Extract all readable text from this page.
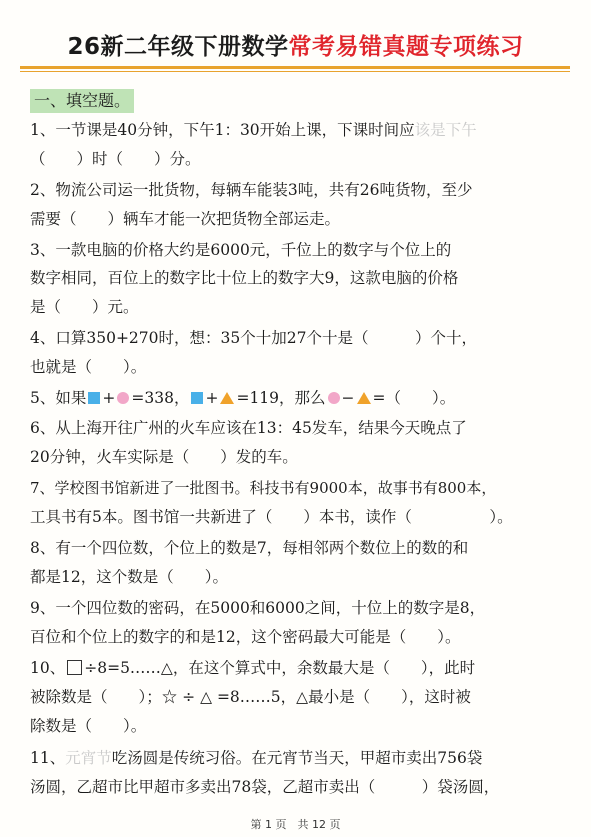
26新二年级下册数学常考易错真题专项练习
一、填空题。
1、一节课是40分钟，下午1：30开始上课，下课时间应该是下午
（　　）时（　　）分。
2、物流公司运一批货物，每辆车能装3吨，共有26吨货物，至少
需要（　　）辆车才能一次把货物全部运走。
3、一款电脑的价格大约是6000元，千位上的数字与个位上的
数字相同，百位上的数字比十位上的数字大9，这款电脑的价格
是（　　）元。
4、口算350+270时，想：35个十加27个十是（　　　）个十，
也就是（　　）。
5、如果 + =338， + =119，那么 − =（　　）。
6、从上海开往广州的火车应该在13：45发车，结果今天晚点了
20分钟，火车实际是（　　）发的车。
7、学校图书馆新进了一批图书。科技书有9000本，故事书有800本，
工具书有5本。图书馆一共新进了（　　）本书，读作（　　　　　）。
8、有一个四位数，个位上的数是7，每相邻两个数位上的数的和
都是12，这个数是（　　）。
9、一个四位数的密码，在5000和6000之间，十位上的数字是8，
百位和个位上的数字的和是12，这个密码最大可能是（　　）。
10、 ÷8=5……△，在这个算式中，余数最大是（　　），此时
被除数是（　　）；☆ ÷ △ =8……5，△最小是（　　），这时被
除数是（　　）。
11、元宵节吃汤圆是传统习俗。在元宵节当天，甲超市卖出756袋
汤圆，乙超市比甲超市多卖出78袋，乙超市卖出（　　　）袋汤圆，
第 1 页　共 12 页
